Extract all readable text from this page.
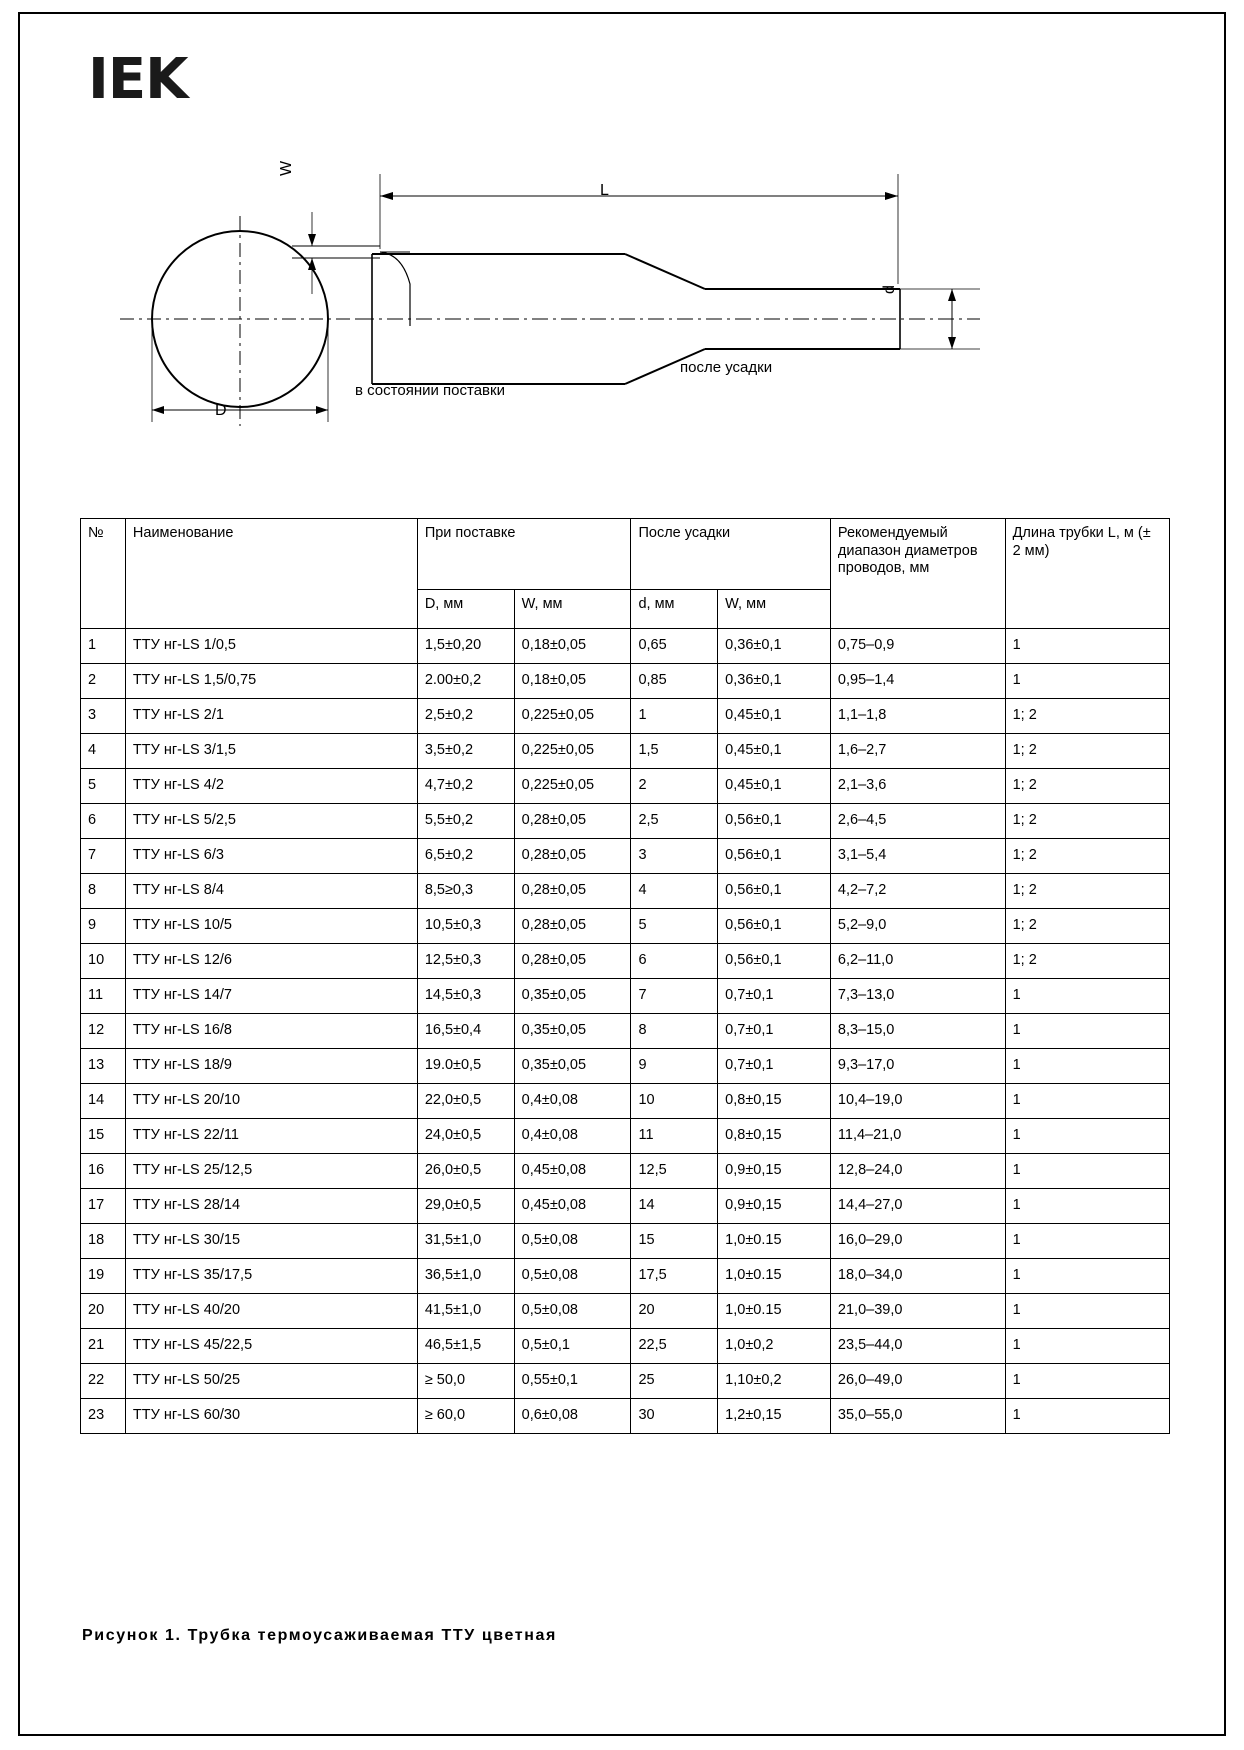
IEK
L
D
W
d
в состоянии поставки
после усадки
№	Наименование	При поставке		После усадки		Рекомендуемый диапазон диаметров проводов, мм	Длина трубки L, м (± 2 мм)
		D, мм	W, мм	d, мм	W, мм		
1	ТТУ нг-LS 1/0,5	1,5±0,20	0,18±0,05	0,65	0,36±0,1	0,75–0,9	1
2	ТТУ нг-LS 1,5/0,75	2.00±0,2	0,18±0,05	0,85	0,36±0,1	0,95–1,4	1
3	ТТУ нг-LS 2/1	2,5±0,2	0,225±0,05	1	0,45±0,1	1,1–1,8	1; 2
4	ТТУ нг-LS 3/1,5	3,5±0,2	0,225±0,05	1,5	0,45±0,1	1,6–2,7	1; 2
5	ТТУ нг-LS 4/2	4,7±0,2	0,225±0,05	2	0,45±0,1	2,1–3,6	1; 2
6	ТТУ нг-LS 5/2,5	5,5±0,2	0,28±0,05	2,5	0,56±0,1	2,6–4,5	1; 2
7	ТТУ нг-LS 6/3	6,5±0,2	0,28±0,05	3	0,56±0,1	3,1–5,4	1; 2
8	ТТУ нг-LS 8/4	8,5≥0,3	0,28±0,05	4	0,56±0,1	4,2–7,2	1; 2
9	ТТУ нг-LS 10/5	10,5±0,3	0,28±0,05	5	0,56±0,1	5,2–9,0	1; 2
10	ТТУ нг-LS 12/6	12,5±0,3	0,28±0,05	6	0,56±0,1	6,2–11,0	1; 2
11	ТТУ нг-LS 14/7	14,5±0,3	0,35±0,05	7	0,7±0,1	7,3–13,0	1
12	ТТУ нг-LS 16/8	16,5±0,4	0,35±0,05	8	0,7±0,1	8,3–15,0	1
13	ТТУ нг-LS 18/9	19.0±0,5	0,35±0,05	9	0,7±0,1	9,3–17,0	1
14	ТТУ нг-LS 20/10	22,0±0,5	0,4±0,08	10	0,8±0,15	10,4–19,0	1
15	ТТУ нг-LS 22/11	24,0±0,5	0,4±0,08	11	0,8±0,15	11,4–21,0	1
16	ТТУ нг-LS 25/12,5	26,0±0,5	0,45±0,08	12,5	0,9±0,15	12,8–24,0	1
17	ТТУ нг-LS 28/14	29,0±0,5	0,45±0,08	14	0,9±0,15	14,4–27,0	1
18	ТТУ нг-LS 30/15	31,5±1,0	0,5±0,08	15	1,0±0.15	16,0–29,0	1
19	ТТУ нг-LS 35/17,5	36,5±1,0	0,5±0,08	17,5	1,0±0.15	18,0–34,0	1
20	ТТУ нг-LS 40/20	41,5±1,0	0,5±0,08	20	1,0±0.15	21,0–39,0	1
21	ТТУ нг-LS 45/22,5	46,5±1,5	0,5±0,1	22,5	1,0±0,2	23,5–44,0	1
22	ТТУ нг-LS 50/25	≥ 50,0	0,55±0,1	25	1,10±0,2	26,0–49,0	1
23	ТТУ нг-LS 60/30	≥ 60,0	0,6±0,08	30	1,2±0,15	35,0–55,0	1
Рисунок 1. Трубка термоусаживаемая ТТУ цветная
